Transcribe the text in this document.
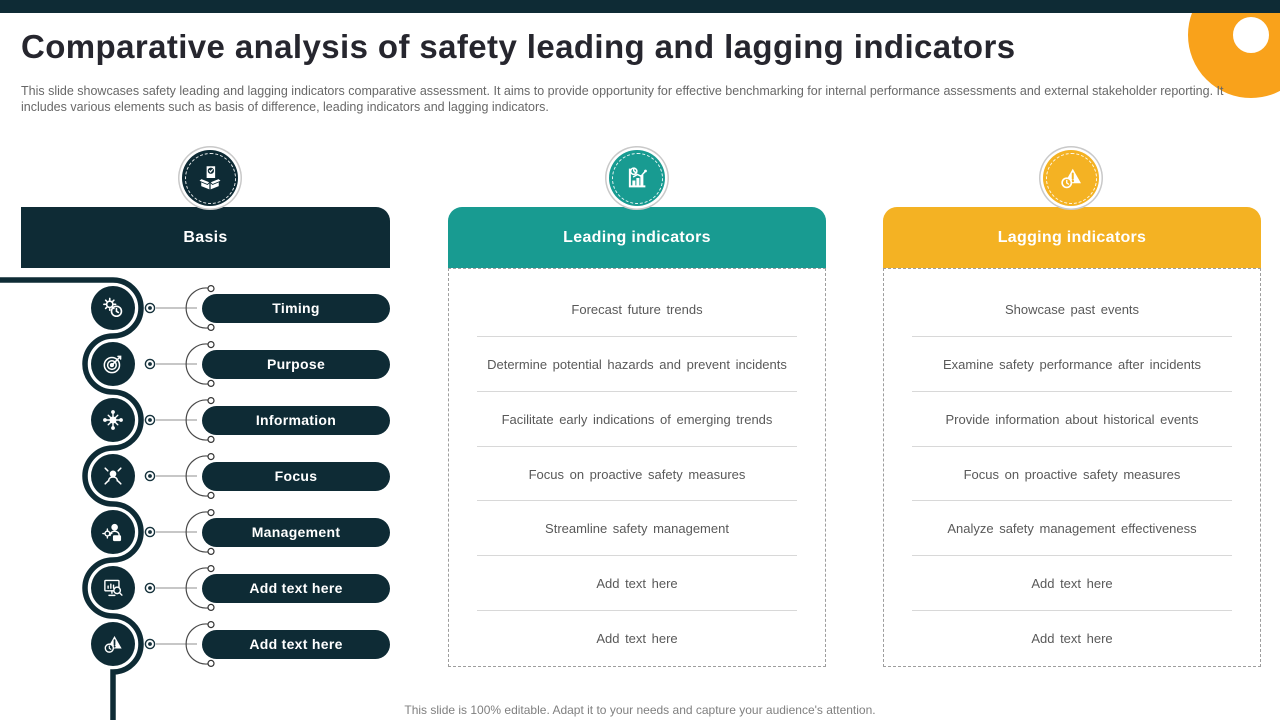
Comparative analysis of safety leading and lagging indicators

This slide showcases safety leading and lagging indicators comparative assessment. It aims to provide opportunity for effective benchmarking for internal performance assessments and external stakeholder reporting. It includes various elements such as basis of difference, leading indicators and lagging indicators.

Basis	Leading indicators	Lagging indicators
Timing
Purpose
Information
Focus
Management
Add text here
Add text here
Forecast future trends
Determine potential hazards and prevent incidents
Facilitate early indications of emerging trends
Focus on proactive safety measures
Streamline safety management
Add text here
Add text here
Showcase past events
Examine safety performance after incidents
Provide information about historical events
Focus on proactive safety measures
Analyze safety management effectiveness
Add text here
Add text here
This slide is 100% editable. Adapt it to your needs and capture your audience's attention.
